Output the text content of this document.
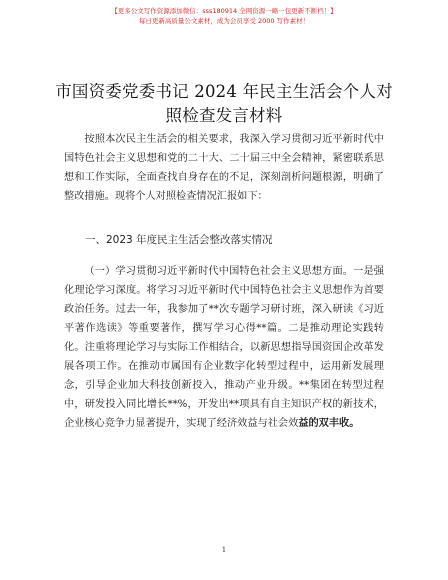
【更多公文写作资源添加微信：sss180914 全网资源一略一包更新不断档！】
每日更新高质量公文素材，成为会员享受 2000 写作素材！
市国资委党委书记 2024 年民主生活会个人对照检查发言材料
按照本次民主生活会的相关要求，我深入学习贯彻习近平新时代中国特色社会主义思想和党的二十大、二十届三中全会精神，紧密联系思想和工作实际，全面查找自身存在的不足，深刻剖析问题根源，明确了整改措施。现将个人对照检查情况汇报如下：
一、2023 年度民主生活会整改落实情况
（一）学习贯彻习近平新时代中国特色社会主义思想方面。一是强化理论学习深度。将学习习近平新时代中国特色社会主义思想作为首要政治任务。过去一年，我参加了**次专题学习研讨班，深入研读《习近平著作选读》等重要著作，撰写学习心得**篇。二是推动理论实践转化。注重将理论学习与实际工作相结合，以新思想指导国资国企改革发展各项工作。在推动市属国有企业数字化转型过程中，运用新发展理念，引导企业加大科技创新投入，推动产业升级。**集团在转型过程中，研发投入同比增长**%，开发出**项具有自主知识产权的新技术，企业核心竞争力显著提升，实现了经济效益与社会效益的双丰收。
1
